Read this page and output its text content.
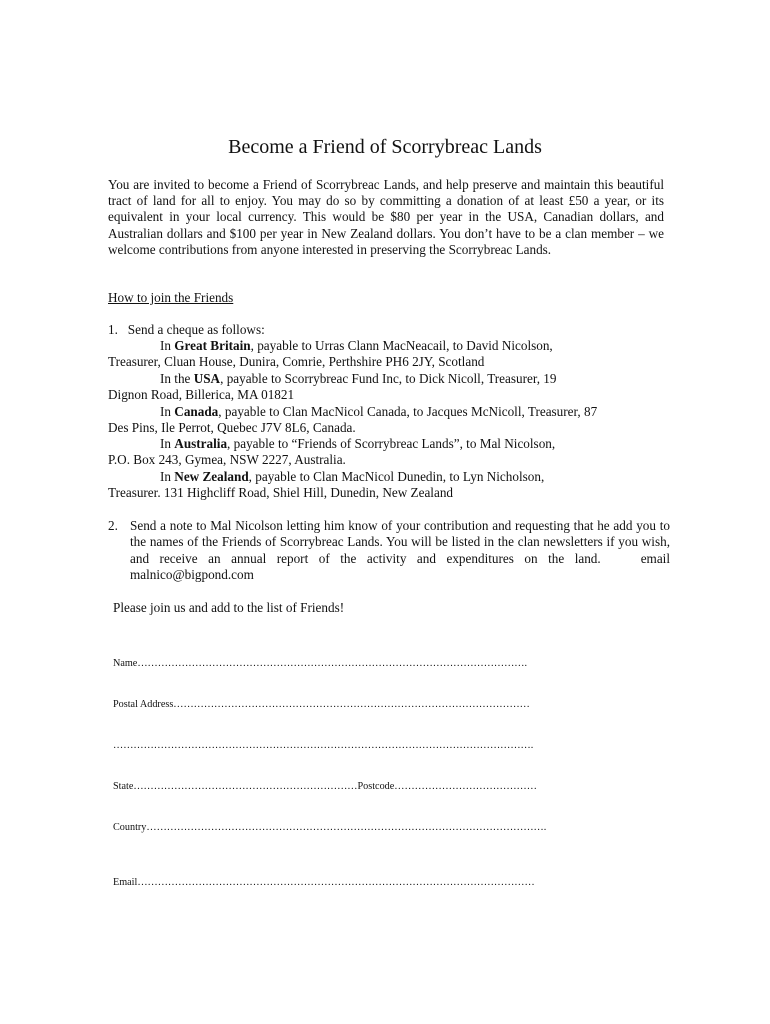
Become a Friend of Scorrybreac Lands
You are invited to become a Friend of Scorrybreac Lands, and help preserve and maintain this beautiful tract of land for all to enjoy. You may do so by committing a donation of at least £50 a year, or its equivalent in your local currency. This would be $80 per year in the USA, Canadian dollars, and Australian dollars and $100 per year in New Zealand dollars. You don’t have to be a clan member – we welcome contributions from anyone interested in preserving the Scorrybreac Lands.
How to join the Friends
1. Send a cheque as follows:
In Great Britain, payable to Urras Clann MacNeacail, to David Nicolson,
Treasurer, Cluan House, Dunira, Comrie, Perthshire PH6 2JY, Scotland
In the USA, payable to Scorrybreac Fund Inc, to Dick Nicoll, Treasurer, 19
Dignon Road, Billerica, MA 01821
In Canada, payable to Clan MacNicol Canada, to Jacques McNicoll, Treasurer, 87
Des Pins, Ile Perrot, Quebec J7V 8L6, Canada.
In Australia, payable to “Friends of Scorrybreac Lands”, to Mal Nicolson,
P.O. Box 243, Gymea, NSW 2227, Australia.
In New Zealand, payable to Clan MacNicol Dunedin, to Lyn Nicholson,
Treasurer. 131 Highcliff Road, Shiel Hill, Dunedin, New Zealand
2. Send a note to Mal Nicolson letting him know of your contribution and requesting that he add you to the names of the Friends of Scorrybreac Lands. You will be listed in the clan newsletters if you wish, and receive an annual report of the activity and expenditures on the land.	email malnico@bigpond.com
Please join us and add to the list of Friends!
Name…………………………………………………………………………………………………….
Postal Address……………………………………………………………………………………………
…………………………………………………………………………………………………………….
State…………………………………………………………Postcode……………………………………
Country……………………………………………………………………………………………………….
Email………………………………………………………………………………………………………
